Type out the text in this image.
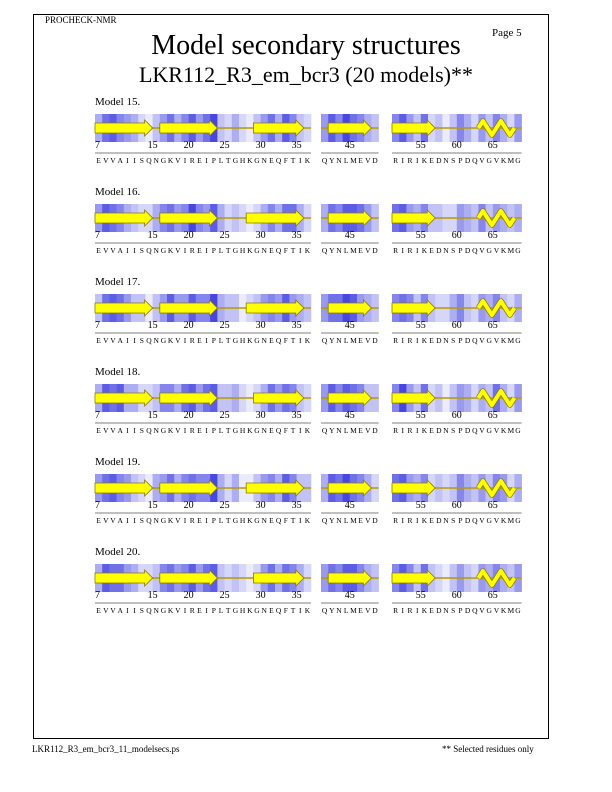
PROCHECK-NMR
Page 5
Model secondary structures
LKR112_R3_em_bcr3 (20 models)**
Model 15.
7	15	20	25	30	35
E V V A I I S Q N G K V I R E I P L T G H K G N E Q F T I K
45
Q Y N L M E V D
55	60	65
R I R I K E D N S P D Q V G V K M G
Model 16.
7	15	20	25	30	35
E V V A I I S Q N G K V I R E I P L T G H K G N E Q F T I K
45
Q Y N L M E V D
55	60	65
R I R I K E D N S P D Q V G V K M G
Model 17.
7	15	20	25	30	35
E V V A I I S Q N G K V I R E I P L T G H K G N E Q F T I K
45
Q Y N L M E V D
55	60	65
R I R I K E D N S P D Q V G V K M G
Model 18.
7	15	20	25	30	35
E V V A I I S Q N G K V I R E I P L T G H K G N E Q F T I K
45
Q Y N L M E V D
55	60	65
R I R I K E D N S P D Q V G V K M G
Model 19.
7	15	20	25	30	35
E V V A I I S Q N G K V I R E I P L T G H K G N E Q F T I K
45
Q Y N L M E V D
55	60	65
R I R I K E D N S P D Q V G V K M G
Model 20.
7	15	20	25	30	35
E V V A I I S Q N G K V I R E I P L T G H K G N E Q F T I K
45
Q Y N L M E V D
55	60	65
R I R I K E D N S P D Q V G V K M G
LKR112_R3_em_bcr3_11_modelsecs.ps	** Selected residues only
